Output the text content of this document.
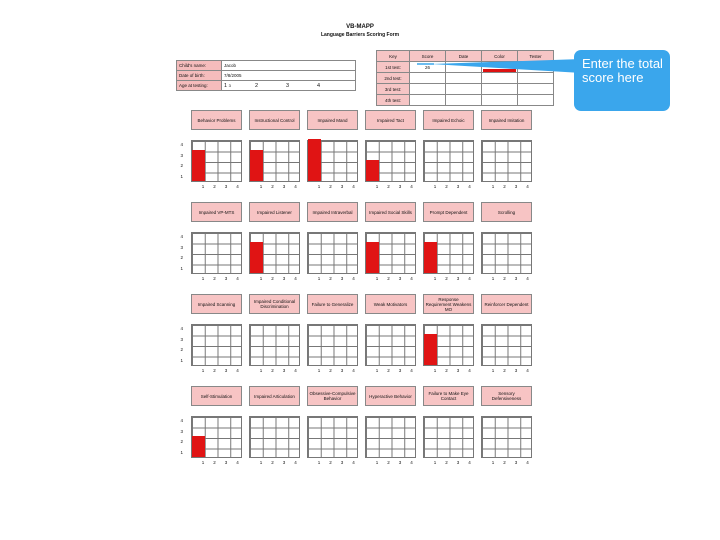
VB-MAPP
Language Barriers Scoring Form
Child's name:	Jacob
Date of birth:	7/8/2005
Age at testing:	1 3 2 3 4
Key	Score	Date	Color	Tester
1st test:	26		

2nd test:				
3rd test:				
4th test:				
4
3
2
1
Behavior Problems
1	2	3	4
Instructional Control
1	2	3	4
Impaired Mand
1	2	3	4
Impaired Tact
1	2	3	4
Impaired Echoic
1	2	3	4
Impaired Imitation
1	2	3	4
4
3
2
1
Impaired VP-MTS
1	2	3	4
Impaired Listener
1	2	3	4
Impaired Intraverbal
1	2	3	4
Impaired Social Skills
1	2	3	4
Prompt Dependent
1	2	3	4
Scrolling
1	2	3	4
4
3
2
1
Impaired Scanning
1	2	3	4
Impaired Conditional Discrimination
1	2	3	4
Failure to Generalize
1	2	3	4
Weak Motivators
1	2	3	4
Response Requirement Weakens MO
1	2	3	4
Reinforcer Dependent
1	2	3	4
4
3
2
1
Self-Stimulation
1	2	3	4
Impaired Articulation
1	2	3	4
Obsessive-Compulsive Behavior
1	2	3	4
Hyperactive Behavior
1	2	3	4
Failure to Make Eye Contact
1	2	3	4
Sensory Defensiveness
1	2	3	4
Enter the total score here
